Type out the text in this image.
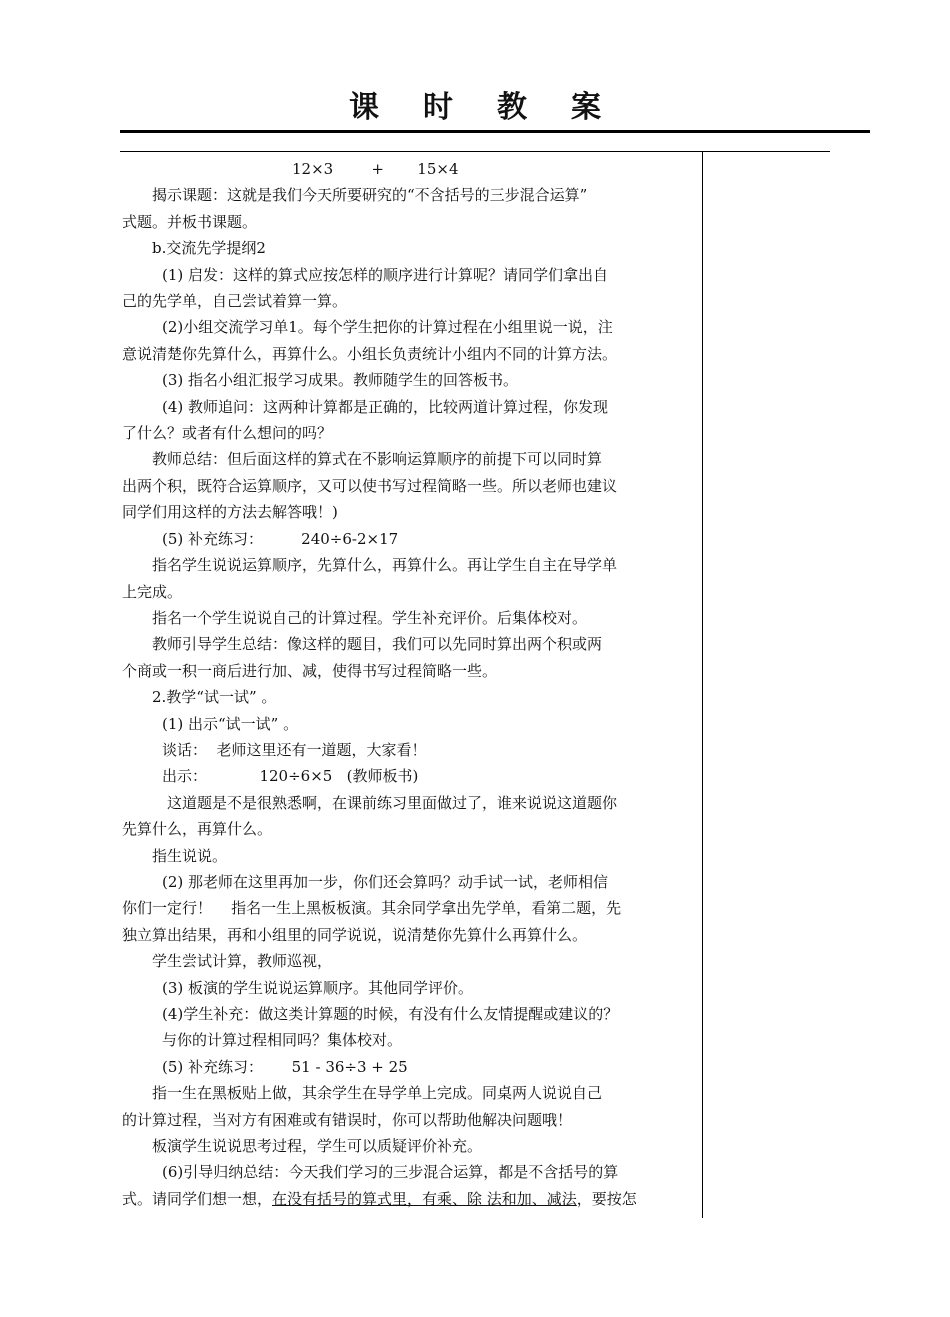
课时教案

12×3        +       15×4

揭示课题：这就是我们今天所要研究的“不含括号的三步混合运算”

式题。并板书课题。

b.交流先学提纲2

(1) 启发：这样的算式应按怎样的顺序进行计算呢？请同学们拿出自

己的先学单，自己尝试着算一算。

(2)小组交流学习单1。每个学生把你的计算过程在小组里说一说，注

意说清楚你先算什么，再算什么。小组长负责统计小组内不同的计算方法。

(3) 指名小组汇报学习成果。教师随学生的回答板书。

(4) 教师追问：这两种计算都是正确的，比较两道计算过程，你发现

了什么？或者有什么想问的吗？

教师总结：但后面这样的算式在不影响运算顺序的前提下可以同时算

出两个积，既符合运算顺序，又可以使书写过程简略一些。所以老师也建议

同学们用这样的方法去解答哦！)

(5) 补充练习：        240÷6-2×17

指名学生说说运算顺序，先算什么，再算什么。再让学生自主在导学单

上完成。

指名一个学生说说自己的计算过程。学生补充评价。后集体校对。

教师引导学生总结：像这样的题目，我们可以先同时算出两个积或两

个商或一积一商后进行加、减，使得书写过程简略一些。

2.教学“试一试” 。

(1) 出示“试一试” 。

谈话：  老师这里还有一道题，大家看！

出示：           120÷6×5   (教师板书)

这道题是不是很熟悉啊，在课前练习里面做过了，谁来说说这道题你

先算什么，再算什么。

指生说说。

(2) 那老师在这里再加一步，你们还会算吗？动手试一试，老师相信

你们一定行！    指名一生上黑板板演。其余同学拿出先学单，看第二题，先

独立算出结果，再和小组里的同学说说，说清楚你先算什么再算什么。

学生尝试计算，教师巡视，

(3) 板演的学生说说运算顺序。其他同学评价。

(4)学生补充：做这类计算题的时候，有没有什么友情提醒或建议的？

与你的计算过程相同吗？集体校对。

(5) 补充练习：      51 - 36÷3 + 25

指一生在黑板贴上做，其余学生在导学单上完成。同桌两人说说自己

的计算过程，当对方有困难或有错误时，你可以帮助他解决问题哦！

板演学生说说思考过程，学生可以质疑评价补充。

(6)引导归纳总结：今天我们学习的三步混合运算，都是不含括号的算

式。请同学们想一想，在没有括号的算式里，有乘、除 法和加、减法，要按怎
